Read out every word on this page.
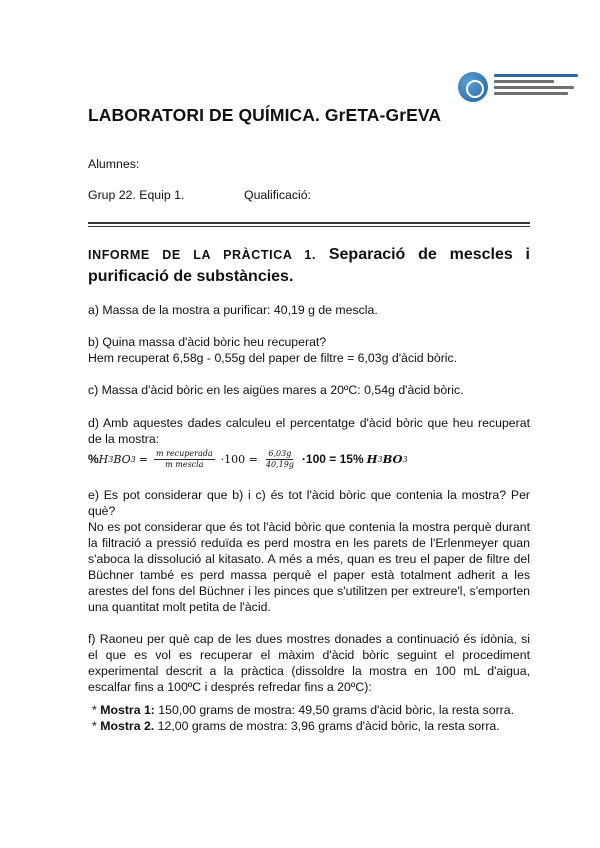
LABORATORI DE QUÍMICA. GrETA-GrEVA
Alumnes:
Grup 22. Equip 1.	Qualificació:
INFORME DE LA PRÀCTICA 1. Separació de mescles i purificació de substàncies.
a) Massa de la mostra a purificar: 40,19 g de mescla.
b) Quina massa d'àcid bòric heu recuperat?
Hem recuperat 6,58g - 0,55g del paper de filtre = 6,03g d'àcid bòric.
c) Massa d'àcid bòric en les aigües mares a 20ºC: 0,54g d'àcid bòric.
d) Amb aquestes dades calculeu el percentatge d'àcid bòric que heu recuperat de la mostra:
% H 3 BO $3 = \frac{\text{m recuperada}}{\text{m mescla}} \cdot 100 = \frac{6,03g}{40,19g} \cdot 100 = 15\%$ H 3 BO 3
e) Es pot considerar que b) i c) és tot l'àcid bòric que contenia la mostra? Per què?
No es pot considerar que és tot l'àcid bòric que contenia la mostra perquè durant la filtració a pressió reduïda es perd mostra en les parets de l'Erlenmeyer quan s'aboca la dissolució al kitasato. A més a més, quan es treu el paper de filtre del Büchner també es perd massa perquè el paper està totalment adherit a les arestes del fons del Büchner i les pinces que s'utilitzen per extreure'l, s'emporten una quantitat molt petita de l'àcid.
f) Raoneu per què cap de les dues mostres donades a continuació és idònia, si el que es vol es recuperar el màxim d'àcid bòric seguint el procediment experimental descrit a la pràctica (dissoldre la mostra en 100 mL d'aigua, escalfar fins a 100ºC i després refredar fins a 20ºC):
* Mostra 1: 150,00 grams de mostra: 49,50 grams d'àcid bòric, la resta sorra.
* Mostra 2. 12,00 grams de mostra: 3,96 grams d'àcid bòric, la resta sorra.
